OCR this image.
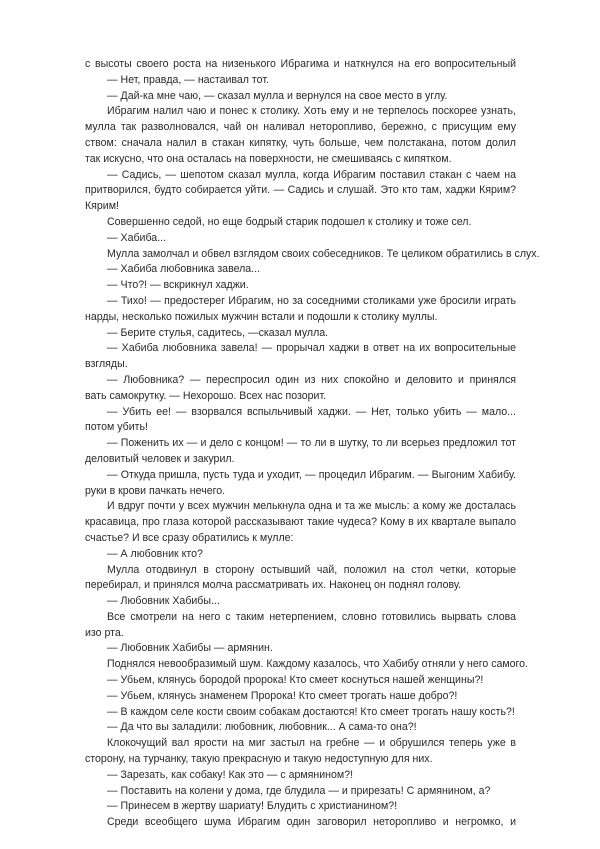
с высоты своего роста на низенького Ибрагима и наткнулся на его вопросительный
— Нет, правда, — настаивал тот.
— Дай-ка мне чаю, — сказал мулла и вернулся на свое место в углу.
Ибрагим налил чаю и понес к столику. Хоть ему и не терпелось поскорее узнать,
мулла так разволновался, чай он наливал неторопливо, бережно, с присущим ему
ством: сначала налил в стакан кипятку, чуть больше, чем полстакана, потом долил
так искусно, что она осталась на поверхности, не смешиваясь с кипятком.
— Садись, — шепотом сказал мулла, когда Ибрагим поставил стакан с чаем на
притворился, будто собирается уйти. — Садись и слушай. Это кто там, хаджи Кярим?
Кярим!
Совершенно седой, но еще бодрый старик подошел к столику и тоже сел.
— Хабиба...
Мулла замолчал и обвел взглядом своих собеседников. Те целиком обратились в слух.
— Хабиба любовника завела...
— Что?! — вскрикнул хаджи.
— Тихо! — предостерег Ибрагим, но за соседними столиками уже бросили играть
нарды, несколько пожилых мужчин встали и подошли к столику муллы.
— Берите стулья, садитесь, —сказал мулла.
— Хабиба любовника завела! — прорычал хаджи в ответ на их вопросительные
взгляды.
— Любовника? — переспросил один из них спокойно и деловито и принялся
вать самокрутку. — Нехорошо. Всех нас позорит.
— Убить ее! — взорвался вспыльчивый хаджи. — Нет, только убить — мало...
потом убить!
— Поженить их — и дело с концом! — то ли в шутку, то ли всерьез предложил тот
деловитый человек и закурил.
— Откуда пришла, пусть туда и уходит, — процедил Ибрагим. — Выгоним Хабибу.
руки в крови пачкать нечего.
И вдруг почти у всех мужчин мелькнула одна и та же мысль: а кому же досталась
красавица, про глаза которой рассказывают такие чудеса? Кому в их квартале выпало
счастье? И все сразу обратились к мулле:
— А любовник кто?
Мулла отодвинул в сторону остывший чай, положил на стол четки, которые
перебирал, и принялся молча рассматривать их. Наконец он поднял голову.
— Любовник Хабибы...
Все смотрели на него с таким нетерпением, словно готовились вырвать слова
изо рта.
— Любовник Хабибы — армянин.
Поднялся невообразимый шум. Каждому казалось, что Хабибу отняли у него самого.
— Убьем, клянусь бородой пророка! Кто смеет коснуться нашей женщины?!
— Убьем, клянусь знаменем Пророка! Кто смеет трогать наше добро?!
— В каждом селе кости своим собакам достаются! Кто смеет трогать нашу кость?!
— Да что вы заладили: любовник, любовник... А сама-то она?!
Клокочущий вал ярости на миг застыл на гребне — и обрушился теперь уже в
сторону, на турчанку, такую прекрасную и такую недоступную для них.
— Зарезать, как собаку! Как это — с армянином?!
— Поставить на колени у дома, где блудила — и прирезать! С армянином, а?
— Принесем в жертву шариату! Блудить с христианином?!
Среди всеобщего шума Ибрагим один заговорил неторопливо и негромко, и
